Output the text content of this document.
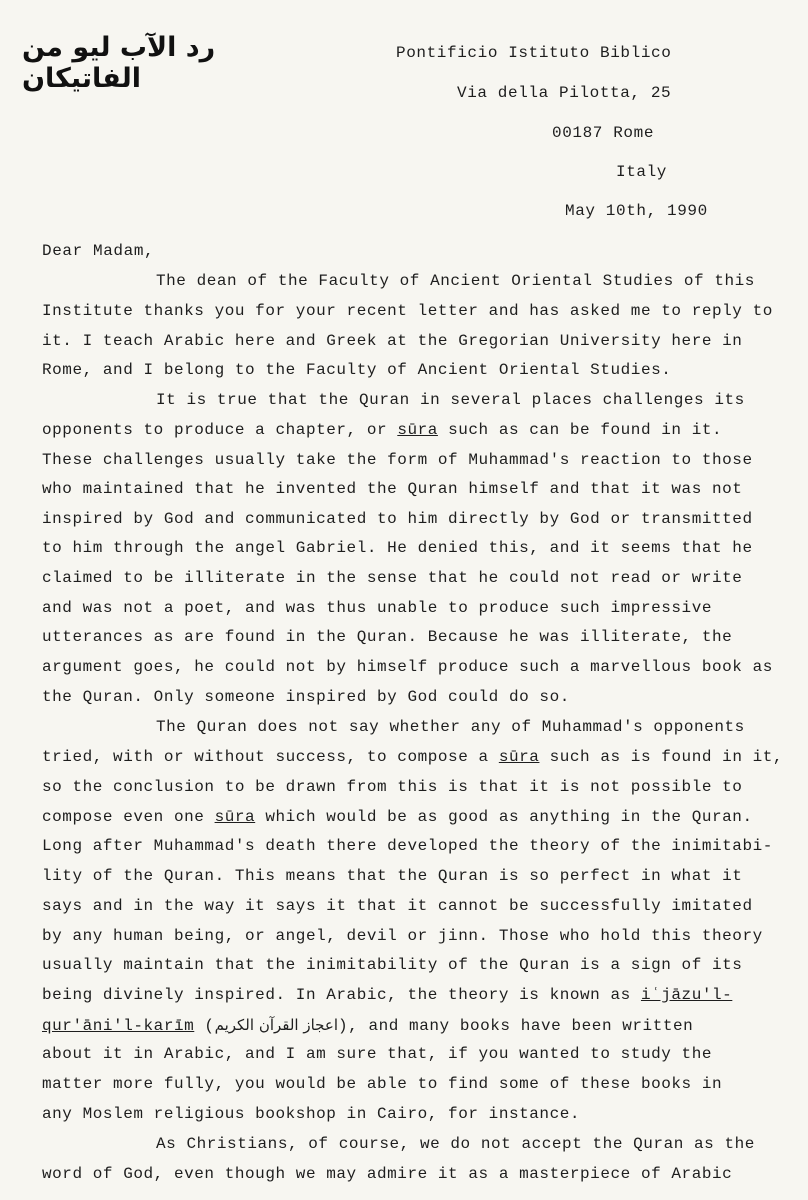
رد الآب ليو من الفاتيكان
Pontificio Istituto Biblico
Via della Pilotta, 25
00187 Rome
Italy
May 10th, 1990
Dear Madam,
The dean of the Faculty of Ancient Oriental Studies of this
Institute thanks you for your recent letter and has asked me to reply to
it. I teach Arabic here and Greek at the Gregorian University here in
Rome, and I belong to the Faculty of Ancient Oriental Studies.
It is true that the Quran in several places challenges its
opponents to produce a chapter, or sūra such as can be found in it.
These challenges usually take the form of Muhammad's reaction to those
who maintained that he invented the Quran himself and that it was not
inspired by God and communicated to him directly by God or transmitted
to him through the angel Gabriel. He denied this, and it seems that he
claimed to be illiterate in the sense that he could not read or write
and was not a poet, and was thus unable to produce such impressive
utterances as are found in the Quran. Because he was illiterate, the
argument goes, he could not by himself produce such a marvellous book as
the Quran. Only someone inspired by God could do so.
The Quran does not say whether any of Muhammad's opponents
tried, with or without success, to compose a sūra such as is found in it,
so the conclusion to be drawn from this is that it is not possible to
compose even one sūra which would be as good as anything in the Quran.
Long after Muhammad's death there developed the theory of the inimitabi-
lity of the Quran. This means that the Quran is so perfect in what it
says and in the way it says it that it cannot be successfully imitated
by any human being, or angel, devil or jinn. Those who hold this theory
usually maintain that the inimitability of the Quran is a sign of its
being divinely inspired. In Arabic, the theory is known as iʿjāzu'l-
qur'āni'l-karīm (اعجاز القرآن الكريم), and many books have been written
about it in Arabic, and I am sure that, if you wanted to study the
matter more fully, you would be able to find some of these books in
any Moslem religious bookshop in Cairo, for instance.
As Christians, of course, we do not accept the Quran as the
word of God, even though we may admire it as a masterpiece of Arabic
